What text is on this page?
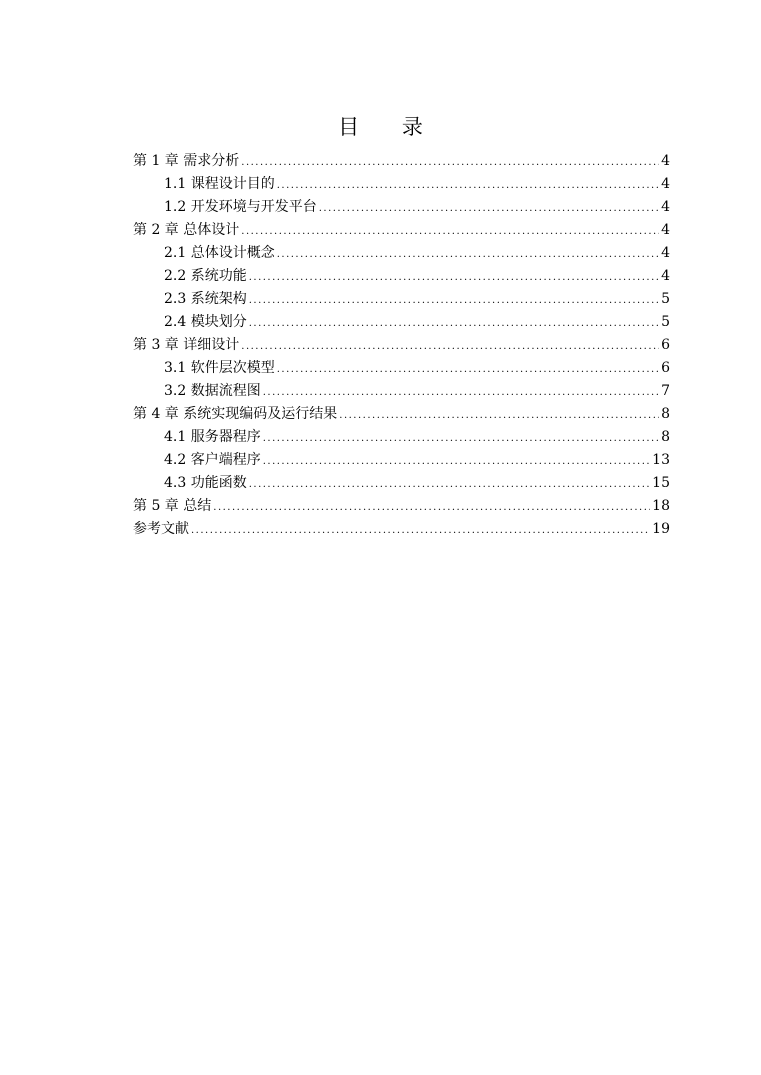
目 录
第 1 章 需求分析 .....	4
1.1 课程设计目的 .....	4
1.2 开发环境与开发平台 .....	4
第 2 章 总体设计 .....	4
2.1 总体设计概念 .....	4
2.2 系统功能 .....	4
2.3 系统架构 .....	5
2.4 模块划分 .....	5
第 3 章 详细设计 .....	6
3.1 软件层次模型 .....	6
3.2 数据流程图 .....	7
第 4 章 系统实现编码及运行结果 .....	8
4.1 服务器程序 .....	8
4.2 客户端程序 .....	13
4.3 功能函数 .....	15
第 5 章 总结 .....	18
参考文献 .....	19
